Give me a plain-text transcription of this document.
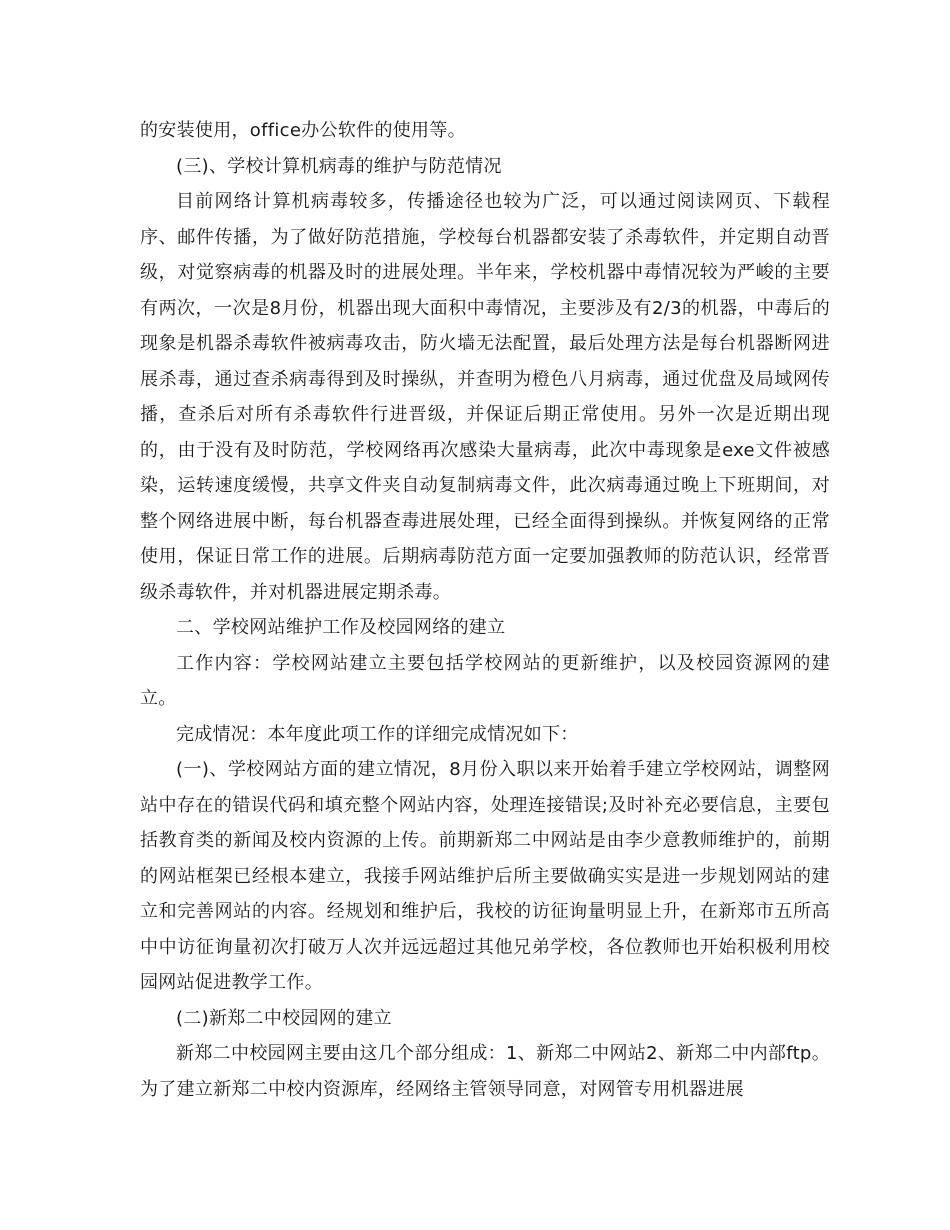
的安装使用，office办公软件的使用等。

(三)、学校计算机病毒的维护与防范情况

目前网络计算机病毒较多，传播途径也较为广泛，可以通过阅读网页、下载程序、邮件传播，为了做好防范措施，学校每台机器都安装了杀毒软件，并定期自动晋级，对觉察病毒的机器及时的进展处理。半年来，学校机器中毒情况较为严峻的主要有两次，一次是8月份，机器出现大面积中毒情况，主要涉及有2/3的机器，中毒后的现象是机器杀毒软件被病毒攻击，防火墙无法配置，最后处理方法是每台机器断网进展杀毒，通过查杀病毒得到及时操纵，并查明为橙色八月病毒，通过优盘及局域网传播，查杀后对所有杀毒软件行进晋级，并保证后期正常使用。另外一次是近期出现的，由于没有及时防范，学校网络再次感染大量病毒，此次中毒现象是exe文件被感染，运转速度缓慢，共享文件夹自动复制病毒文件，此次病毒通过晚上下班期间，对整个网络进展中断，每台机器查毒进展处理，已经全面得到操纵。并恢复网络的正常使用，保证日常工作的进展。后期病毒防范方面一定要加强教师的防范认识，经常晋级杀毒软件，并对机器进展定期杀毒。

二、学校网站维护工作及校园网络的建立

工作内容：学校网站建立主要包括学校网站的更新维护，以及校园资源网的建立。

完成情况：本年度此项工作的详细完成情况如下：

(一)、学校网站方面的建立情况，8月份入职以来开始着手建立学校网站，调整网站中存在的错误代码和填充整个网站内容，处理连接错误;及时补充必要信息，主要包括教育类的新闻及校内资源的上传。前期新郑二中网站是由李少意教师维护的，前期的网站框架已经根本建立，我接手网站维护后所主要做确实实是进一步规划网站的建立和完善网站的内容。经规划和维护后，我校的访征询量明显上升，在新郑市五所高中中访征询量初次打破万人次并远远超过其他兄弟学校，各位教师也开始积极利用校园网站促进教学工作。

(二)新郑二中校园网的建立

新郑二中校园网主要由这几个部分组成：1、新郑二中网站2、新郑二中内部ftp。为了建立新郑二中校内资源库，经网络主管领导同意，对网管专用机器进展
